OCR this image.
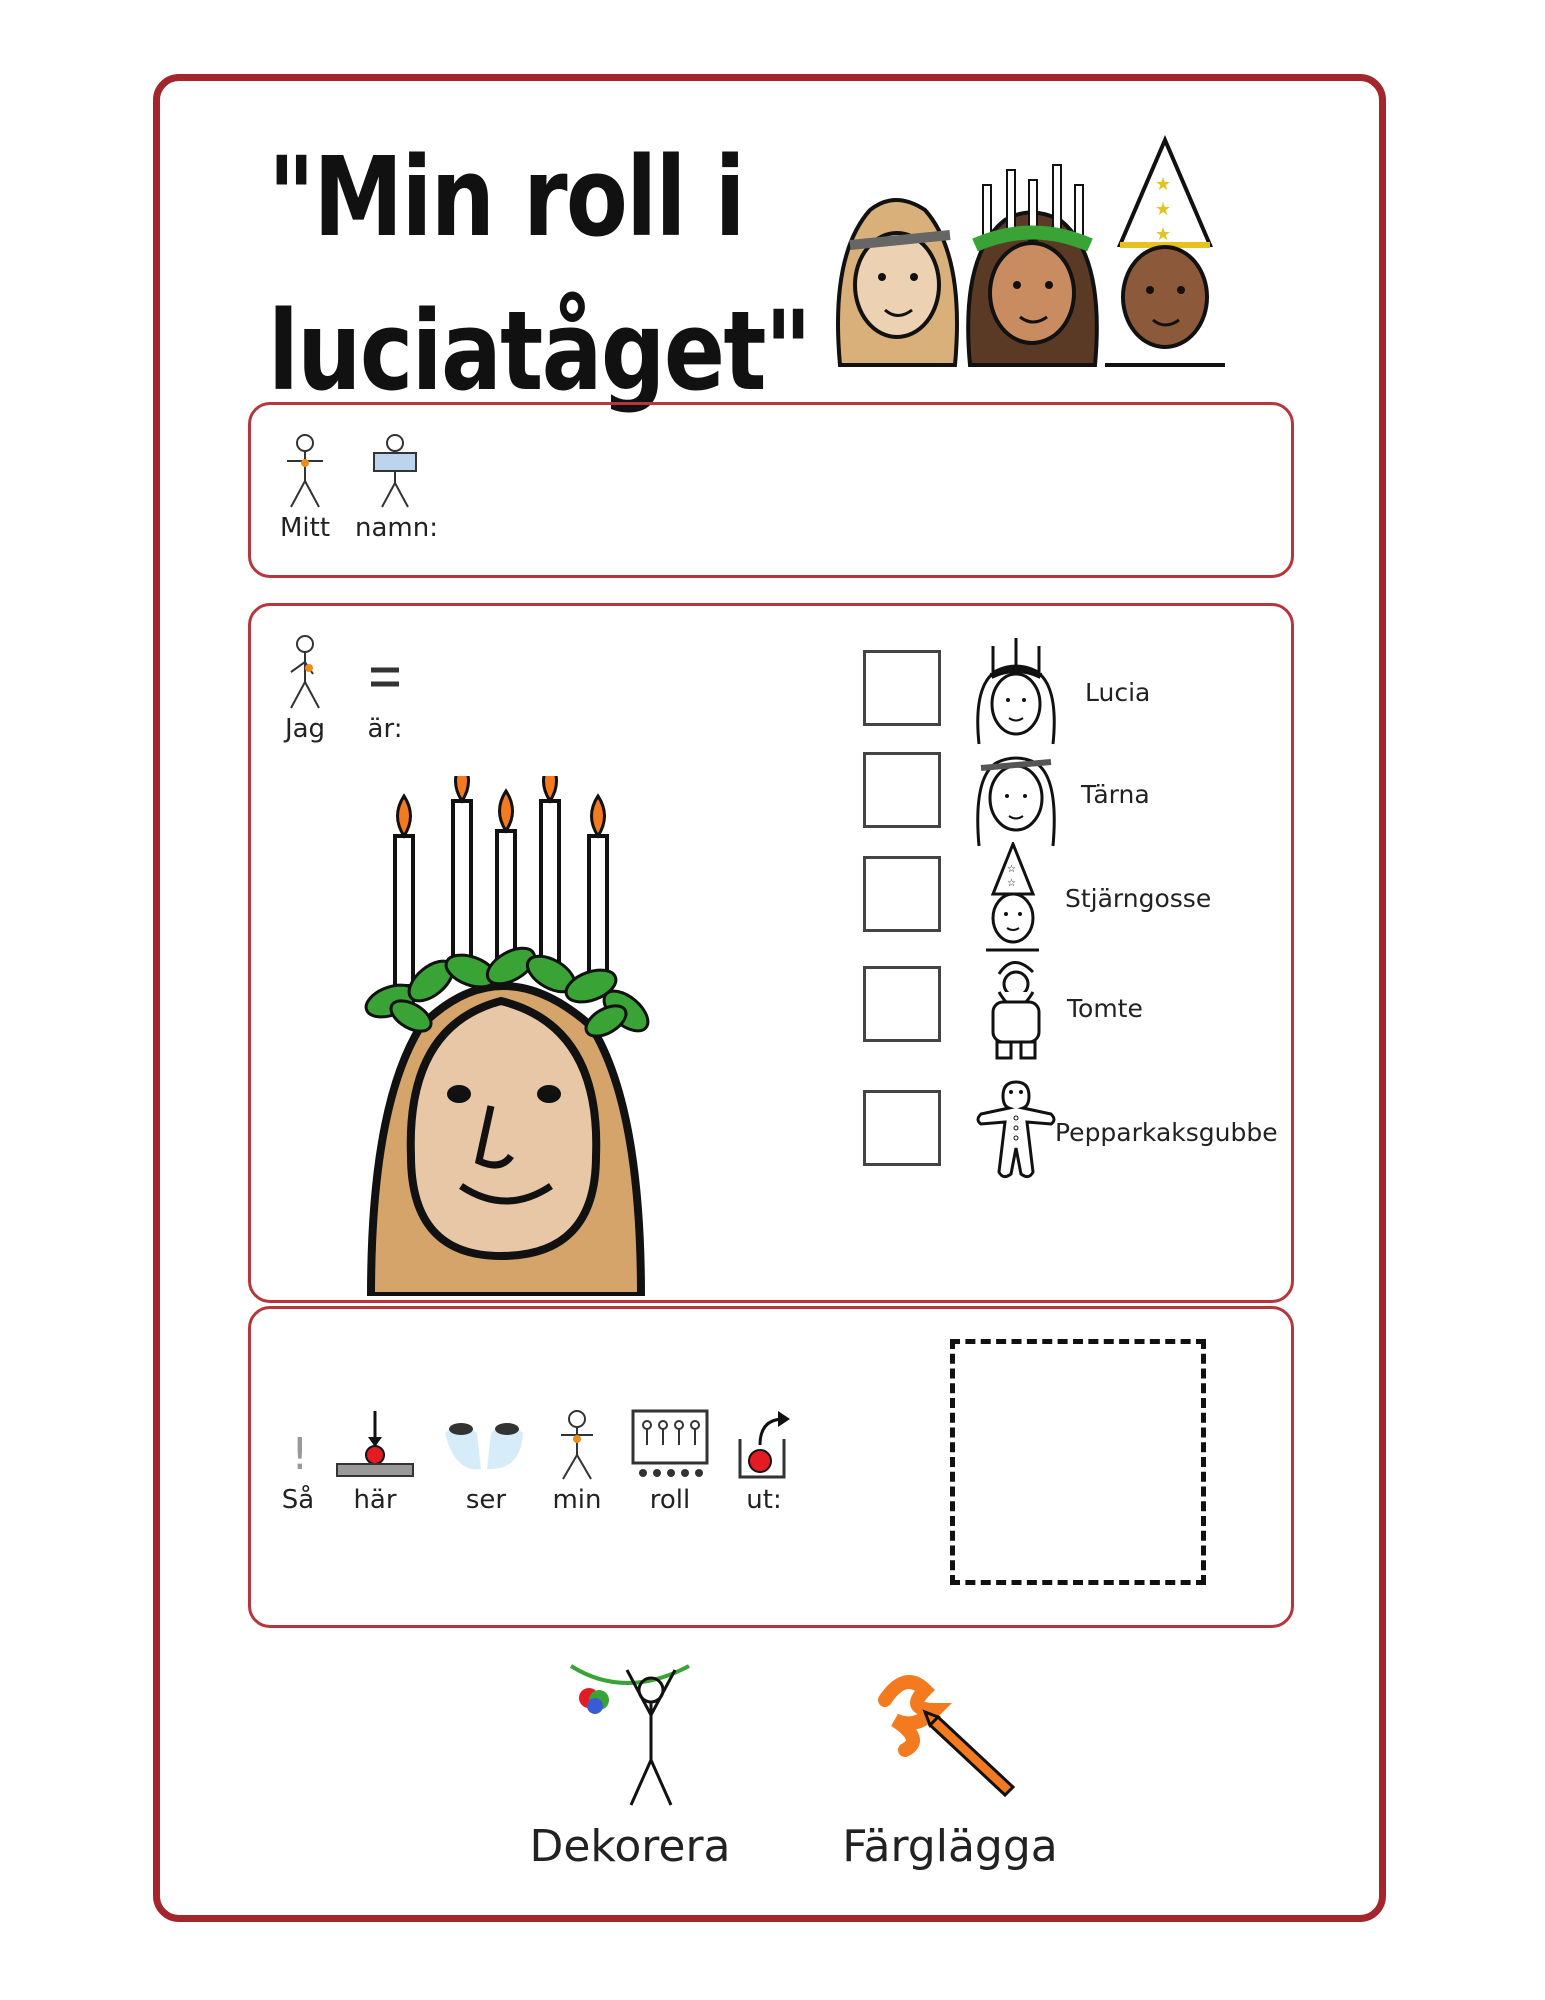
"Min roll i
luciatåget"
★
★
★
Mitt namn:
Jag	är:
Lucia
Tärna
☆
☆
Stjärngosse
Tomte
Pepparkaksgubbe
!
Så	här	ser	min	roll	ut:
Dekorera	Färglägga
